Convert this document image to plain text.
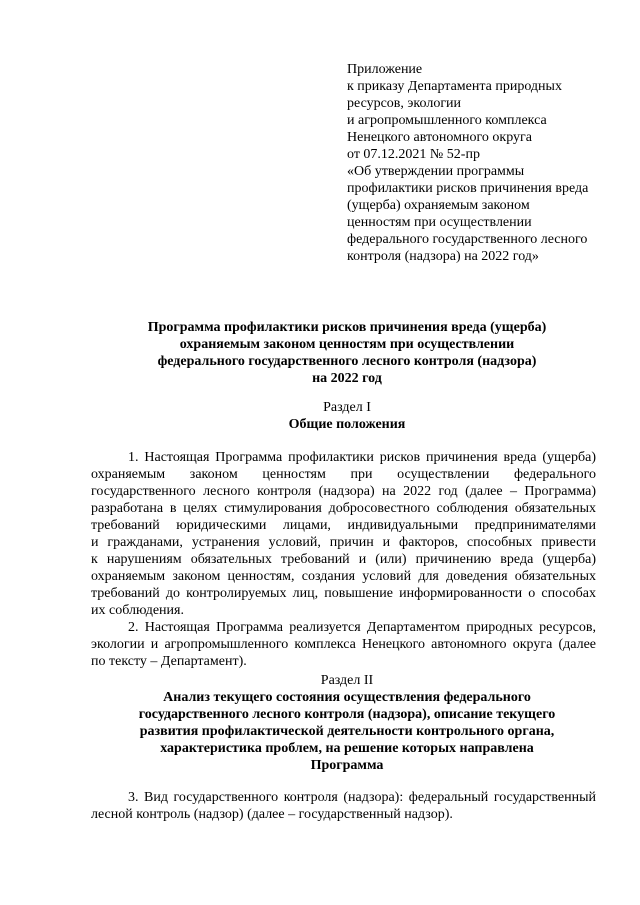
Приложение
к приказу Департамента природных
ресурсов, экологии
и агропромышленного комплекса
Ненецкого автономного округа
от 07.12.2021 № 52-пр
«Об утверждении программы
профилактики рисков причинения вреда
(ущерба) охраняемым законом
ценностям при осуществлении
федерального государственного лесного
контроля (надзора) на 2022 год»
Программа профилактики рисков причинения вреда (ущерба)
охраняемым законом ценностям при осуществлении
федерального государственного лесного контроля (надзора)
на 2022 год
Раздел I
Общие положения
1. Настоящая Программа профилактики рисков причинения вреда (ущерба)
охраняемым законом ценностям при осуществлении федерального
государственного лесного контроля (надзора) на 2022 год (далее – Программа)
разработана в целях стимулирования добросовестного соблюдения обязательных
требований юридическими лицами, индивидуальными предпринимателями
и гражданами, устранения условий, причин и факторов, способных привести
к нарушениям обязательных требований и (или) причинению вреда (ущерба)
охраняемым законом ценностям, создания условий для доведения обязательных
требований до контролируемых лиц, повышение информированности о способах
их соблюдения.
2. Настоящая Программа реализуется Департаментом природных ресурсов,
экологии и агропромышленного комплекса Ненецкого автономного округа (далее
по тексту – Департамент).
Раздел II
Анализ текущего состояния осуществления федерального
государственного лесного контроля (надзора), описание текущего
развития профилактической деятельности контрольного органа,
характеристика проблем, на решение которых направлена
Программа
3. Вид государственного контроля (надзора): федеральный государственный
лесной контроль (надзор) (далее – государственный надзор).
